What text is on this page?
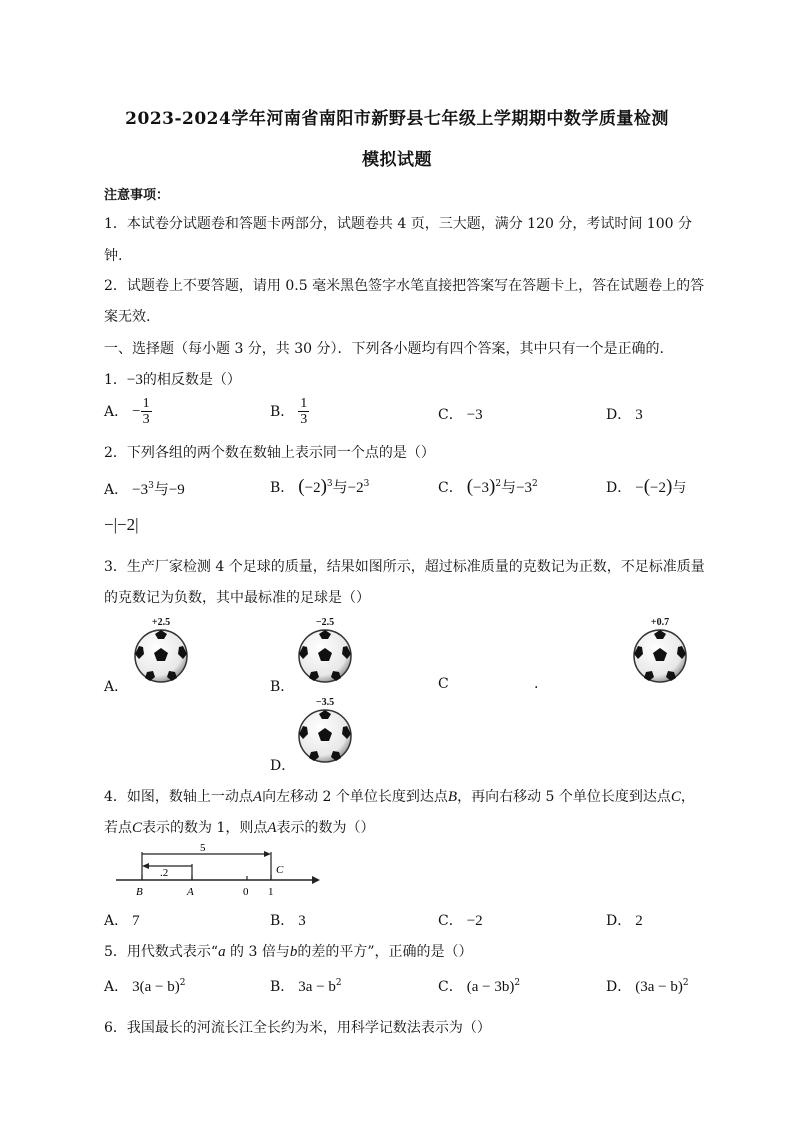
2023-2024学年河南省南阳市新野县七年级上学期期中数学质量检测
模拟试题
注意事项：
1．本试卷分试题卷和答题卡两部分，试题卷共 4 页，三大题，满分 120 分，考试时间 100 分
钟.
2．试题卷上不要答题，请用 0.5 毫米黑色签字水笔直接把答案写在答题卡上，答在试题卷上的答
案无效.
一、选择题（每小题 3 分，共 30 分）．下列各小题均有四个答案，其中只有一个是正确的.
1．−3的相反数是（）
A． − $\frac{1}{3}$	B． $\frac{1}{3}$	C． −3	D． 3
2．下列各组的两个数在数轴上表示同一个点的是（）
A． $-3^3$与−9	B． $(-2)^3$与$-2^3$	C． $(-3)^2$与$-3^2$	D． −(−2)与
−|−2|
3．生产厂家检测 4 个足球的质量，结果如图所示，超过标准质量的克数记为正数，不足标准质量
的克数记为负数，其中最标准的足球是（）
A．
+2.5
B．
−2.5
C	.
+0.7
D．
−3.5
4．如图，数轴上一动点A向左移动 2 个单位长度到达点B，再向右移动 5 个单位长度到达点C，
若点C表示的数为 1，则点A表示的数为（）
5
.2
B	A	0 1
C
A． 7	B． 3	C． −2	D． 2
5．用代数式表示“a 的 3 倍与b的差的平方”，正确的是（）
A． $3(a - b)^2$	B． $3a - b^2$	C． $(a - 3b)^2$	D． $(3a - b)^2$
6．我国最长的河流长江全长约为米，用科学记数法表示为（）
